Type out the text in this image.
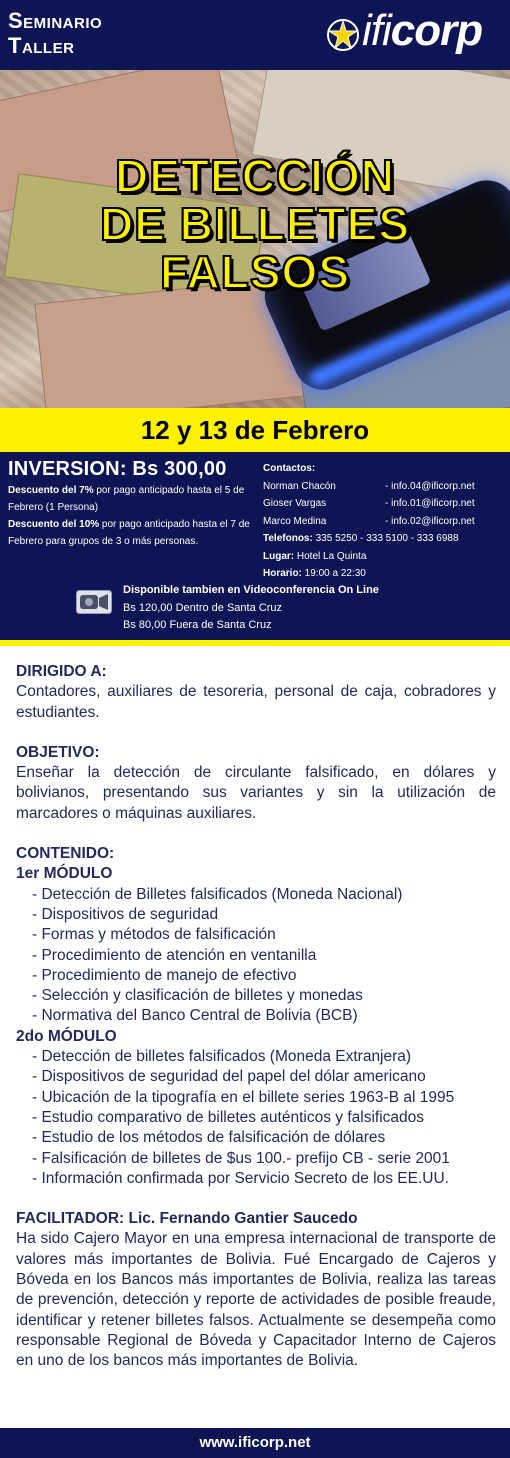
Seminario
Taller	ificorp
DETECCIÓN
DE BILLETES
FALSOS
12 y 13 de Febrero
INVERSION: Bs 300,00
Descuento del 7% por pago anticipado hasta el 5 de Febrero (1 Persona)
Descuento del 10% por pago anticipado hasta el 7 de Febrero para grupos de 3 o más personas.
Contactos:
Norman Chacón	- info.04@ificorp.net
Gioser Vargas	- info.01@ificorp.net
Marco Medina	- info.02@ificorp.net
Telefonos: 335 5250 - 333 5100 - 333 6988
Lugar: Hotel La Quinta
Horario: 19:00 a 22:30
Disponible tambien en Videoconferencia On Line
Bs 120,00 Dentro de Santa Cruz
Bs 80,00 Fuera de Santa Cruz
DIRIGIDO A:
Contadores, auxiliares de tesoreria, personal de caja, cobradores y estudiantes.
OBJETIVO:
Enseñar la detección de circulante falsificado, en dólares y bolivianos, presentando sus variantes y sin la utilización de marcadores o máquinas auxiliares.
CONTENIDO:
1er MÓDULO
- Detección de Billetes falsificados (Moneda Nacional)
- Dispositivos de seguridad
- Formas y métodos de falsificación
- Procedimiento de atención en ventanilla
- Procedimiento de manejo de efectivo
- Selección y clasificación de billetes y monedas
- Normativa del Banco Central de Bolivia (BCB)
2do MÓDULO
- Detección de billetes falsificados (Moneda Extranjera)
- Dispositivos de seguridad del papel del dólar americano
- Ubicación de la tipografía en el billete series 1963-B al 1995
- Estudio comparativo de billetes auténticos y falsificados
- Estudio de los métodos de falsificación de dólares
- Falsificación de billetes de $us 100.- prefijo CB - serie 2001
- Información confirmada por Servicio Secreto de los EE.UU.
FACILITADOR: Lic. Fernando Gantier Saucedo
Ha sido Cajero Mayor en una empresa internacional de transporte de valores más importantes de Bolivia. Fué Encargado de Cajeros y Bóveda en los Bancos más importantes de Bolivia, realiza las tareas de prevención, detección y reporte de actividades de posible freaude, identificar y retener billetes falsos. Actualmente se desempeña como responsable Regional de Bóveda y Capacitador Interno de Cajeros en uno de los bancos más importantes de Bolivia.
www.ificorp.net
